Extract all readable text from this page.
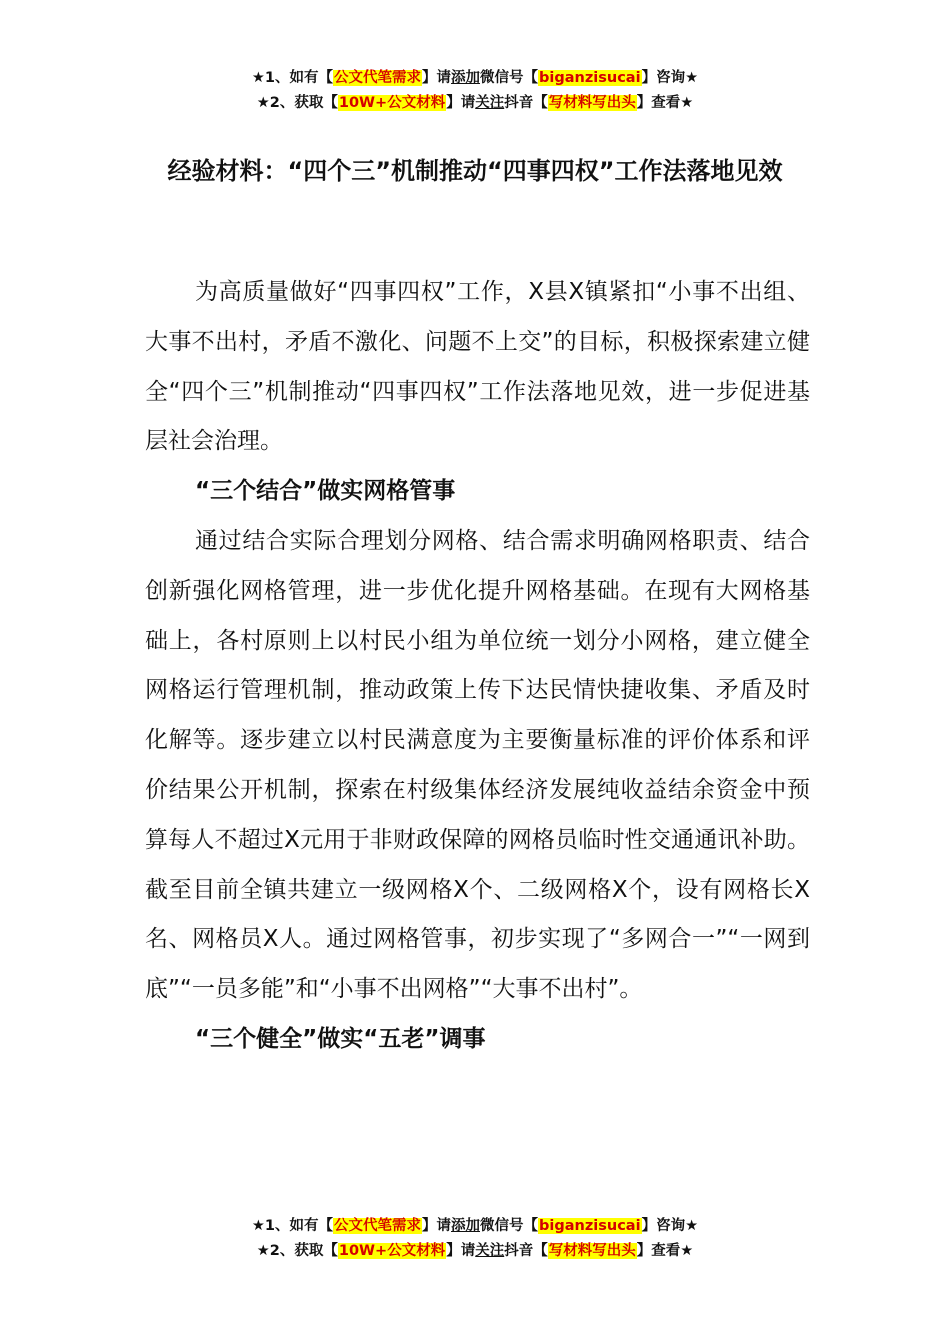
★1、如有【公文代笔需求】请添加微信号【biganzisucai】咨询★
★2、获取【10W+公文材料】请关注抖音【写材料写出头】查看★
经验材料：“四个三”机制推动“四事四权”工作法落地见效

为高质量做好“四事四权”工作，X县X镇紧扣“小事不出组、大事不出村，矛盾不激化、问题不上交”的目标，积极探索建立健全“四个三”机制推动“四事四权”工作法落地见效，进一步促进基层社会治理。

“三个结合”做实网格管事

通过结合实际合理划分网格、结合需求明确网格职责、结合创新强化网格管理，进一步优化提升网格基础。在现有大网格基础上，各村原则上以村民小组为单位统一划分小网格，建立健全网格运行管理机制，推动政策上传下达民情快捷收集、矛盾及时化解等。逐步建立以村民满意度为主要衡量标准的评价体系和评价结果公开机制，探索在村级集体经济发展纯收益结余资金中预算每人不超过X元用于非财政保障的网格员临时性交通通讯补助。截至目前全镇共建立一级网格X个、二级网格X个，设有网格长X名、网格员X人。通过网格管事，初步实现了“多网合一”“一网到底”“一员多能”和“小事不出网格”“大事不出村”。

“三个健全”做实“五老”调事
★1、如有【公文代笔需求】请添加微信号【biganzisucai】咨询★
★2、获取【10W+公文材料】请关注抖音【写材料写出头】查看★
